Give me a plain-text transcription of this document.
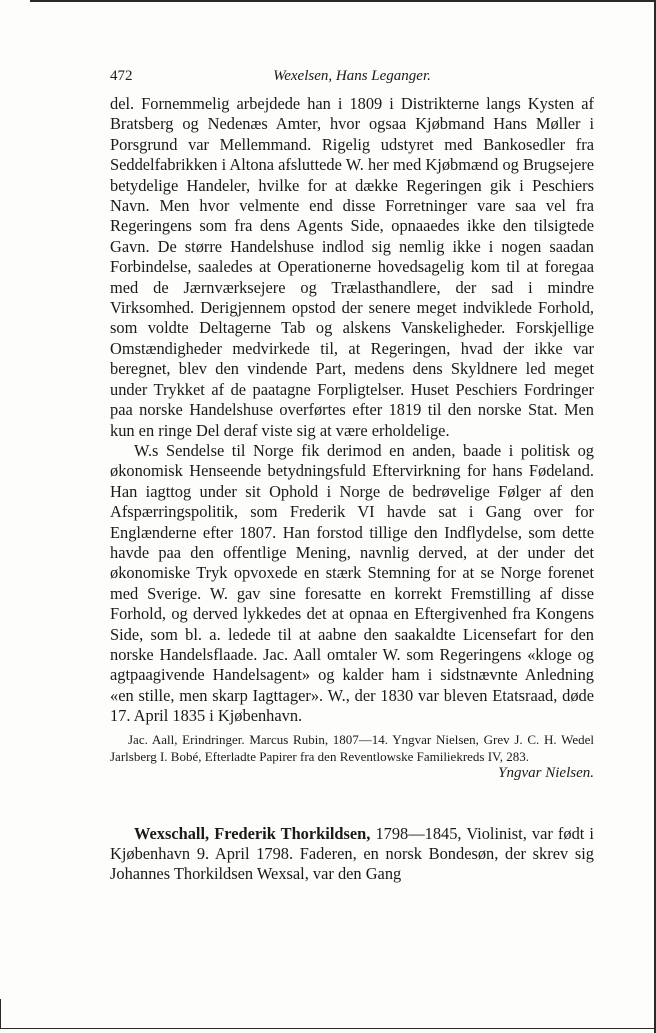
472	Wexelsen, Hans Leganger.

del. Fornemmelig arbejdede han i 1809 i Distrikterne langs Kysten af Bratsberg og Nedenæs Amter, hvor ogsaa Kjøbmand Hans Møller i Porsgrund var Mellemmand. Rigelig udstyret med Bankosedler fra Seddelfabrikken i Altona afsluttede W. her med Kjøbmænd og Brugsejere betydelige Handeler, hvilke for at dække Regeringen gik i Peschiers Navn. Men hvor velmente end disse Forretninger vare saa vel fra Regeringens som fra dens Agents Side, opnaaedes ikke den tilsigtede Gavn. De større Handelshuse indlod sig nemlig ikke i nogen saadan Forbindelse, saaledes at Operationerne hovedsagelig kom til at foregaa med de Jærnværksejere og Trælasthandlere, der sad i mindre Virksomhed. Derigjennem opstod der senere meget indviklede Forhold, som voldte Deltagerne Tab og alskens Vanskeligheder. Forskjellige Omstændigheder medvirkede til, at Regeringen, hvad der ikke var beregnet, blev den vindende Part, medens dens Skyldnere led meget under Trykket af de paatagne Forpligtelser. Huset Peschiers Fordringer paa norske Handelshuse overførtes efter 1819 til den norske Stat. Men kun en ringe Del deraf viste sig at være erholdelige.

W.s Sendelse til Norge fik derimod en anden, baade i politisk og økonomisk Henseende betydningsfuld Eftervirkning for hans Fødeland. Han iagttog under sit Ophold i Norge de bedrøvelige Følger af den Afspærringspolitik, som Frederik VI havde sat i Gang over for Englænderne efter 1807. Han forstod tillige den Indflydelse, som dette havde paa den offentlige Mening, navnlig derved, at der under det økonomiske Tryk opvoxede en stærk Stemning for at se Norge forenet med Sverige. W. gav sine foresatte en korrekt Fremstilling af disse Forhold, og derved lykkedes det at opnaa en Eftergivenhed fra Kongens Side, som bl. a. ledede til at aabne den saakaldte Licensefart for den norske Handelsflaade. Jac. Aall omtaler W. som Regeringens «kloge og agtpaagivende Handelsagent» og kalder ham i sidstnævnte Anledning «en stille, men skarp Iagttager». W., der 1830 var bleven Etatsraad, døde 17. April 1835 i Kjøbenhavn.

Jac. Aall, Erindringer. Marcus Rubin, 1807—14. Yngvar Nielsen, Grev J. C. H. Wedel Jarlsberg I. Bobé, Efterladte Papirer fra den Reventlowske Familiekreds IV, 283.
Yngvar Nielsen.

Wexschall, Frederik Thorkildsen, 1798—1845, Violinist, var født i Kjøbenhavn 9. April 1798. Faderen, en norsk Bondesøn, der skrev sig Johannes Thorkildsen Wexsal, var den Gang
